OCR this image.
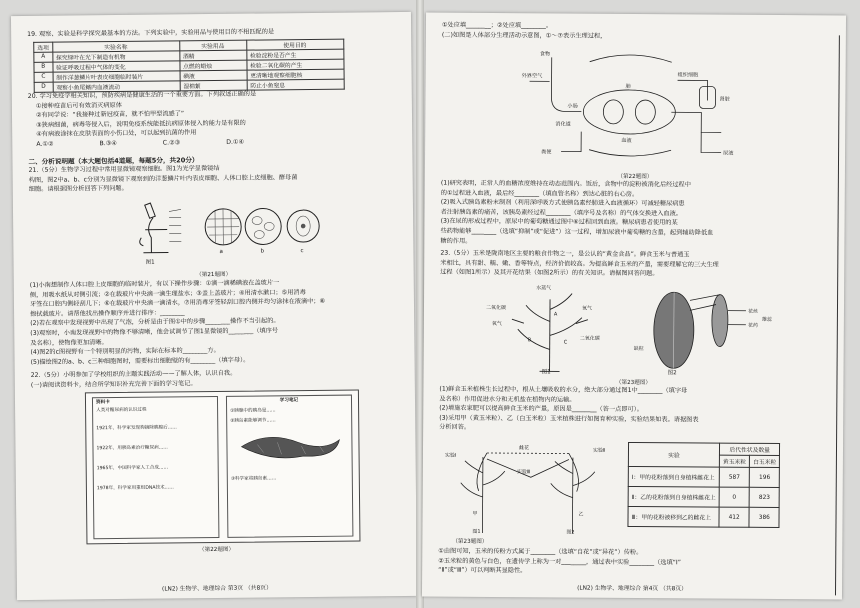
19. 观察、实验是科学探究最基本的方法。下列实验中，实验用品与使用目的不相匹配的是
选项	实验名称	实验用品	使用目的
A	探究绿叶在光下制造有机物	酒精	检验淀粉是否产生
B	验证呼吸过程中气体的变化	点燃的蜡烛	检验二氧化碳的产生
C	制作洋葱鳞片叶表皮细胞临时装片	碘液	更清晰地观察细胞核
D	观察小鱼尾鳍内血液流动	湿棉絮	防止小鱼窒息
20. 学习免疫学相关知识，预防疾病是健康生活的一个重要方面。下列叙述正确的是
①接种疫苗后可有效消灭病原体
②有同学说：“我接种过新冠疫苗，就不怕甲型流感了”
③狭病细菌，病毒等侵入后，说明免疫系统能抵抗病原体侵入的能力是有限的
④有病液涂抹在皮肤表面的小伤口处，可以起到抗菌的作用
A.①②	B.③④	C.②③	D.①④
二、分析说明题（本大题包括4道题，每题5分，共20分）
21.（5分）生物学习过程中常用显微镜观察细胞。图1为光学显微镜结
构图，图2中a、b、c分别为显微镜下观察到的洋葱鳞片叶内表皮细胞、人体口腔上皮细胞、酵母菌
细胞。请根据图分析回答下列问题。
图1
a	b	c
（第21题图）
(1)小南想制作人体口腔上皮细胞的临时装片，有以下操作步骤：①滴一滴稀碘液在盖玻片一
侧，用吸水纸从对侧引流；②在载玻片中央滴一滴生理盐水；③盖上盖玻片；④用清水漱口；⑤用消毒
牙签在口腔内侧轻刮几下；⑥在载玻片中央滴一滴清水，⑦用消毒牙签轻刮口腔内侧并均匀涂抹在液滴中；⑧
擦拭载玻片。请帮他找出操作顺序并进行排序：________
(2)若在观察中发现视野中出现了气泡，分析是由于图①中的步骤________操作不当引起的。
(3)观察时，小南发现视野中的物像不够清晰，他会试调节了图1显微镜的________（填序号
及名称），使物像更加清晰。
(4)图2的c图视野有一个特别明显的污物，实际在标本的________方。
(5)描绘图2的a、b、c三种细胞图时，需要标出细胞壁的有________（填字母）。
22.（5分）小明参加了学校组织的主题实践活动——了解人体，认识自我。
(一)请阅读资料卡，结合所学知识补充完善下面的学习笔记。
资料卡
人类对糖尿病的认识过程
1921年，科学家发现狗摘除胰腺后……
1922年，用胰岛素治疗糖尿病……
1965年，中国科学家人工合成……
1978年，科学家用重组DNA技术……
学习笔记
①胰腺中的胰岛是……
②胰岛素能够调节……
③科学家将胰岛素……
（第22题图）
(LN2) 生物学、地理综合 第3页 （共8页）
①处应填________；②处应填________。
(二)如图是人体部分生理活动示意图，①～⑦表示生理过程，
食物
外界空气
肺
血液
小肠
消化道
组织细胞
肾脏
尿液
粪便
（第22题图）
(1)研究表明，正常人的血糖浓度维持在动态范围内。饭后，食物中的淀粉被消化后经过程中
的①过程进入血液，最后经________（填血管名称）到达心脏的右心房。
(2)吸入式胰岛素粉末制剂（利用深呼吸方式使胰岛素经肺进入血液循环）可减轻糖尿病患
者注射胰岛素的痛苦，该胰岛素经过程________（填序号及名称）的气体交换进入血液。
(3)在尿的形成过程中，原尿中的葡萄糖通过图中⑥过程回到血液。糖尿病患者使用的某
些药物能够________（选填“抑制”或“促进”）这一过程，增加尿液中葡萄糖的含量，起到辅助降低血
糖的作用。
23.（5分）玉米是陇南地区主要的粮食作物之一，是公认的“黄金食品”。鲜食玉米与普通玉
米相比，具有甜、糯、嫩、香等特点，经济价值较高。为提高鲜食玉米的产量，需要理解它的三大生理
过程（如图1所示）及其开花结果（如图2所示）的有关知识。请据图回答问题。
水蒸气
二氧化碳
氧气
氧气
二氧化碳
A
B	C
花丝
雄蕊
缺粒
花药
图1	图2
（第23题图）
(1)鲜食玉米植株生长过程中，根从土壤吸收的水分，绝大部分通过图1中________（填字母
及名称）作用促进水分和无机盐在植物内的运输。
(2)增施农家肥可以提高鲜食玉米的产量，原因是________（答一点即可）。
(3)采用甲（黄玉米粒）、乙（白玉米粒）玉米植株进行如图育种实验，实验结果如表。请据图表
分析回答。
实验Ⅰ
雌花
实验Ⅲ
实验Ⅱ
甲	乙
图1	图2
实验	后代性状及数量	
	黄玉米粒	白玉米粒
Ⅰ：甲的花粉落到自身植株雌花上	587	196
Ⅱ：乙的花粉落到自身植株雌花上	0	823
Ⅲ：甲的花粉被移到乙的雌花上	412	386
（第23题图）
①由图可知，玉米的传粉方式属于________（选填“自花”或“异花”）传粉。
②玉米粒的黄色与白色，在遗传学上称为一对________，通过表中实验________（选填“Ⅰ”
“Ⅱ”或“Ⅲ”）可以判断其显隐性。
(LN2) 生物学、地理综合 第4页 （共8页）
